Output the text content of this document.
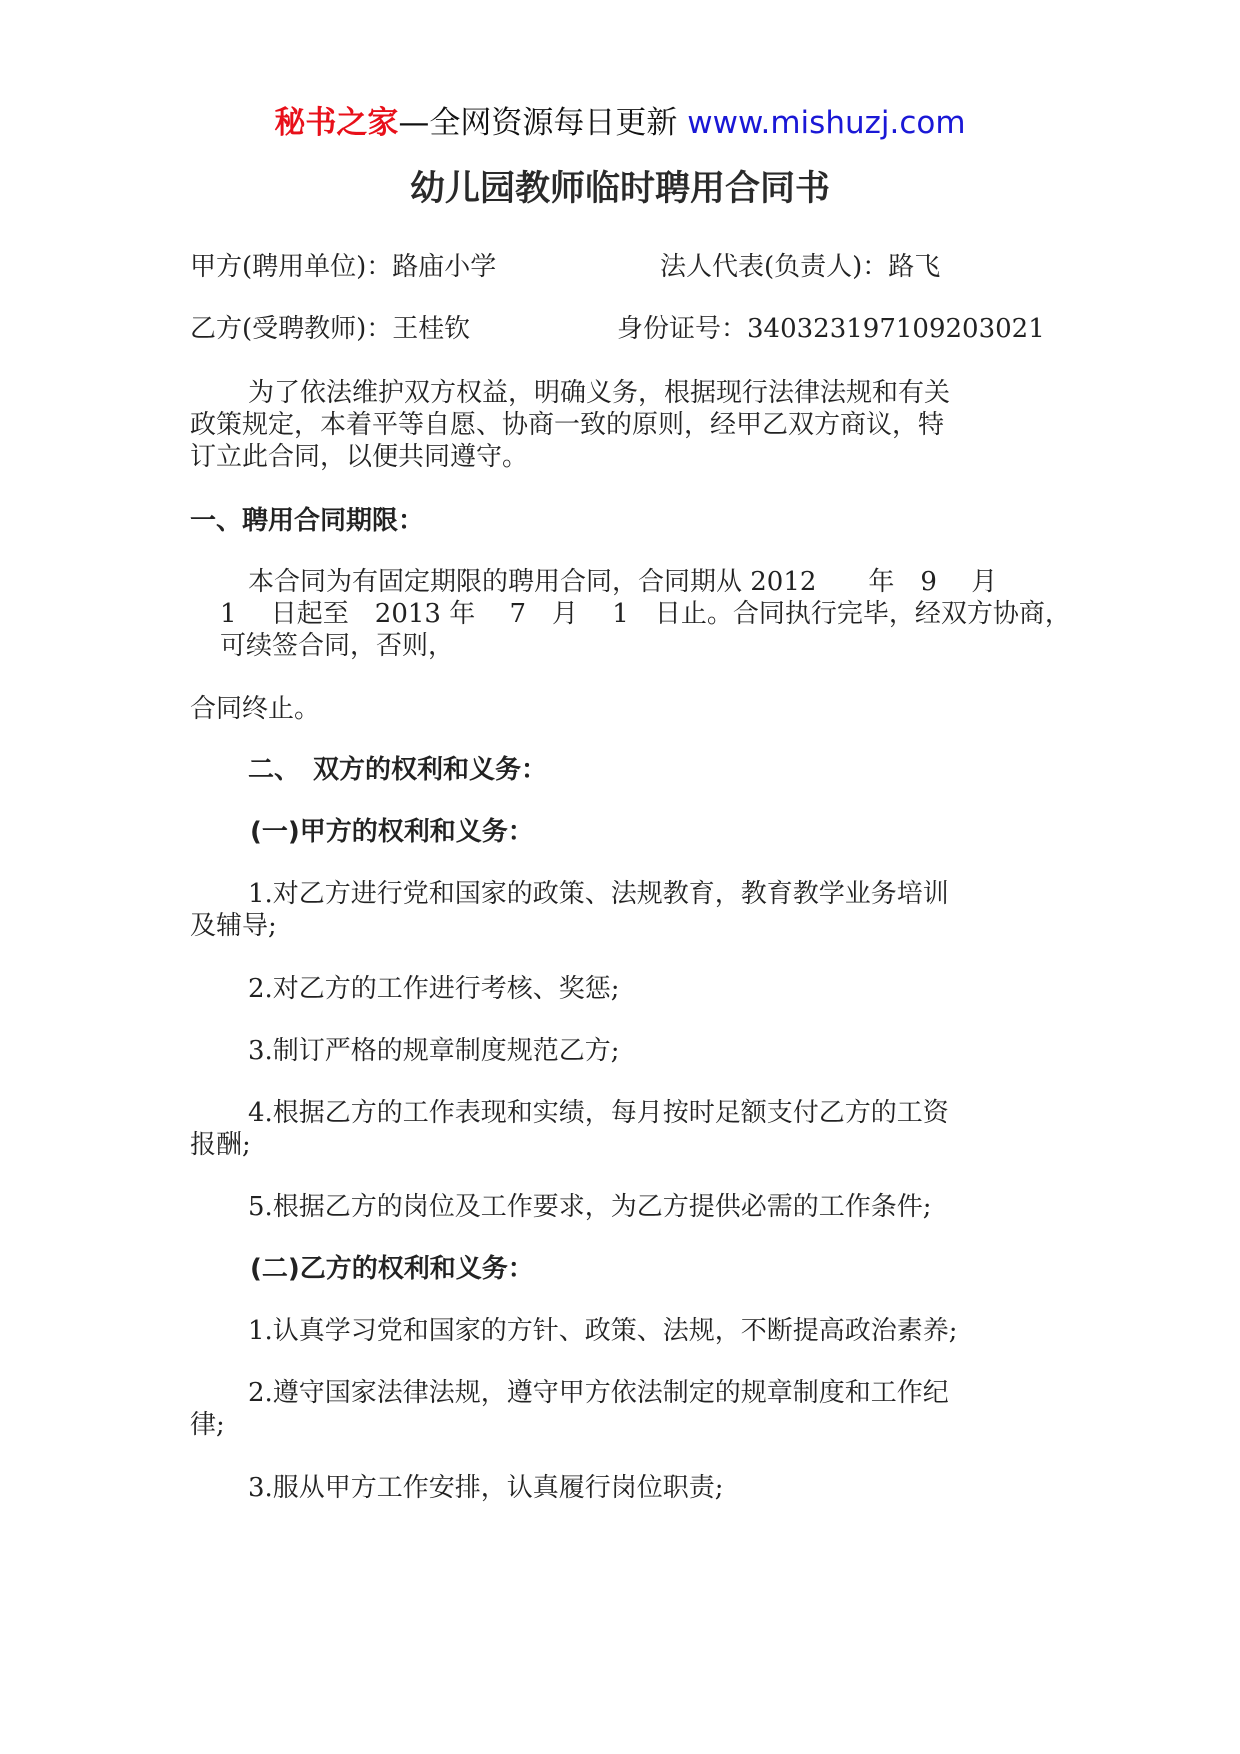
秘书之家—全网资源每日更新 www.mishuzj.com
幼儿园教师临时聘用合同书
甲方(聘用单位)：路庙小学	法人代表(负责人)：路飞
乙方(受聘教师)：王桂钦	身份证号：340323197109203021
为了依法维护双方权益，明确义务，根据现行法律法规和有关
政策规定，本着平等自愿、协商一致的原则，经甲乙双方商议，特
订立此合同，以便共同遵守。
一、聘用合同期限：
本合同为有固定期限的聘用合同，合同期从 2012　　年　9　 月
1　 日起至　2013 年　 7　月　 1　日止。合同执行完毕，经双方协商，
可续签合同，否则，
合同终止。
二、　双方的权利和义务：
(一)甲方的权利和义务：
1.对乙方进行党和国家的政策、法规教育，教育教学业务培训
及辅导;
2.对乙方的工作进行考核、奖惩;
3.制订严格的规章制度规范乙方;
4.根据乙方的工作表现和实绩，每月按时足额支付乙方的工资
报酬;
5.根据乙方的岗位及工作要求，为乙方提供必需的工作条件;
(二)乙方的权利和义务：
1.认真学习党和国家的方针、政策、法规，不断提高政治素养;
2.遵守国家法律法规，遵守甲方依法制定的规章制度和工作纪
律;
3.服从甲方工作安排，认真履行岗位职责;
